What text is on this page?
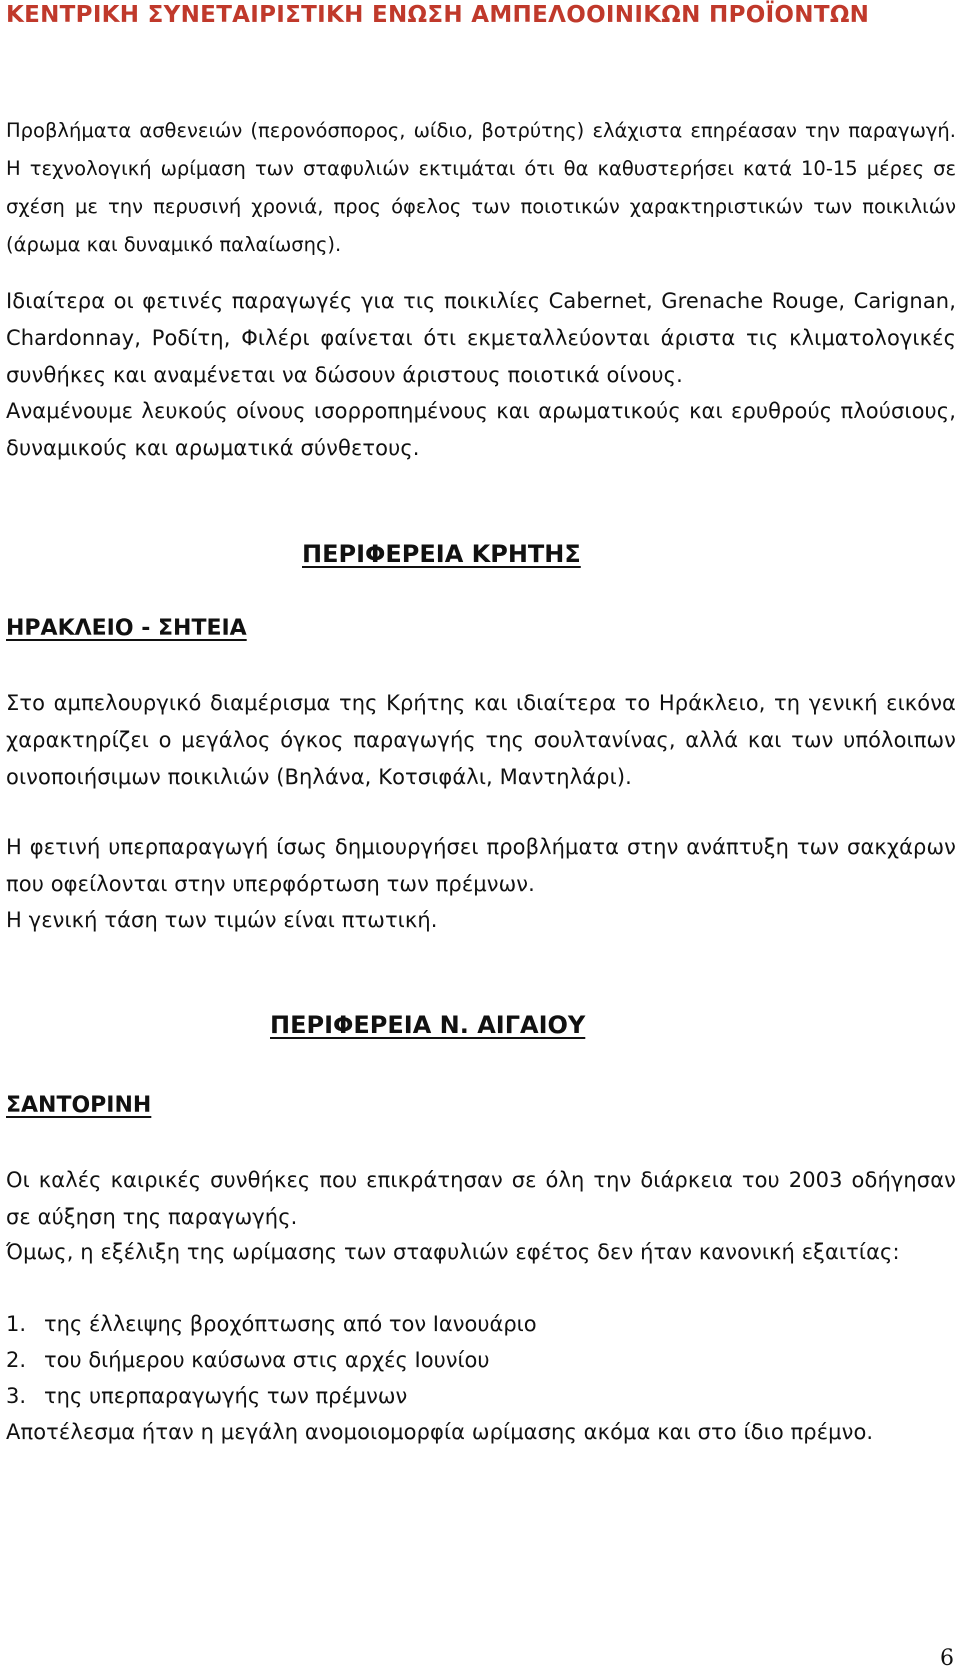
ΚΕΝΤΡΙΚΗ ΣΥΝΕΤΑΙΡΙΣΤΙΚΗ ΕΝΩΣΗ ΑΜΠΕΛΟΟΙΝΙΚΩΝ ΠΡΟΪΟΝΤΩΝ

Προβλήματα ασθενειών (περονόσπορος, ωίδιο, βοτρύτης) ελάχιστα επηρέασαν την παραγωγή. Η τεχνολογική ωρίμαση των σταφυλιών εκτιμάται ότι θα καθυστερήσει κατά 10-15 μέρες σε σχέση με την περυσινή χρονιά, προς όφελος των ποιοτικών χαρακτηριστικών των ποικιλιών (άρωμα και δυναμικό παλαίωσης).

Ιδιαίτερα οι φετινές παραγωγές για τις ποικιλίες Cabernet, Grenache Rouge, Carignan, Chardonnay, Ροδίτη, Φιλέρι φαίνεται ότι εκμεταλλεύονται άριστα τις κλιματολογικές συνθήκες και αναμένεται να δώσουν άριστους ποιοτικά οίνους.

Αναμένουμε λευκούς οίνους ισορροπημένους και αρωματικούς και ερυθρούς πλούσιους, δυναμικούς και αρωματικά σύνθετους.

ΠΕΡΙΦΕΡΕΙΑ ΚΡΗΤΗΣ
ΗΡΑΚΛΕΙΟ - ΣΗΤΕΙΑ

Στο αμπελουργικό διαμέρισμα της Κρήτης και ιδιαίτερα το Ηράκλειο, τη γενική εικόνα χαρακτηρίζει ο μεγάλος όγκος παραγωγής της σουλτανίνας, αλλά και των υπόλοιπων οινοποιήσιμων ποικιλιών (Βηλάνα, Κοτσιφάλι, Μαντηλάρι).

Η φετινή υπερπαραγωγή ίσως δημιουργήσει προβλήματα στην ανάπτυξη των σακχάρων που οφείλονται στην υπερφόρτωση των πρέμνων.

Η γενική τάση των τιμών είναι πτωτική.

ΠΕΡΙΦΕΡΕΙΑ Ν. ΑΙΓΑΙΟΥ
ΣΑΝΤΟΡΙΝΗ

Οι καλές καιρικές συνθήκες που επικράτησαν σε όλη την διάρκεια του 2003 οδήγησαν σε αύξηση της παραγωγής.

Όμως, η εξέλιξη της ωρίμασης των σταφυλιών εφέτος δεν ήταν κανονική εξαιτίας:

1. της έλλειψης βροχόπτωσης από τον Ιανουάριο
2. του διήμερου καύσωνα στις αρχές Ιουνίου
3. της υπερπαραγωγής των πρέμνων

Αποτέλεσμα ήταν η μεγάλη ανομοιομορφία ωρίμασης ακόμα και στο ίδιο πρέμνο.

6
